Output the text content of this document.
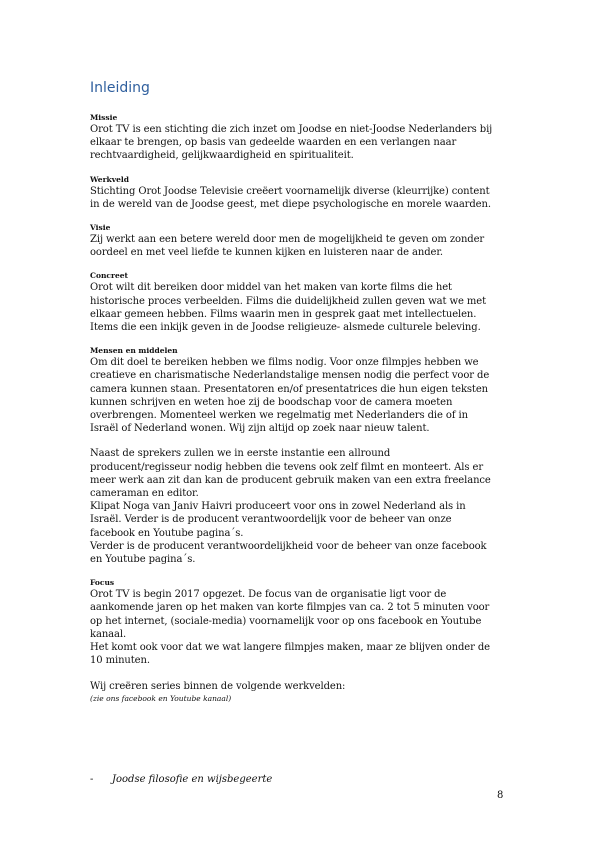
Inleiding

Missie

Orot TV is een stichting die zich inzet om Joodse en niet-Joodse Nederlanders bij

elkaar te brengen, op basis van gedeelde waarden en een verlangen naar

rechtvaardigheid, gelijkwaardigheid en spiritualiteit.

Werkveld

Stichting Orot Joodse Televisie creëert voornamelijk diverse (kleurrijke) content

in de wereld van de Joodse geest, met diepe psychologische en morele waarden.

Visie

Zij werkt aan een betere wereld door men de mogelijkheid te geven om zonder

oordeel en met veel liefde te kunnen kijken en luisteren naar de ander.

Concreet

Orot wilt dit bereiken door middel van het maken van korte films die het

historische proces verbeelden. Films die duidelijkheid zullen geven wat we met

elkaar gemeen hebben. Films waarin men in gesprek gaat met intellectuelen.

Items die een inkijk geven in de Joodse religieuze- alsmede culturele beleving.

Mensen en middelen

Om dit doel te bereiken hebben we films nodig. Voor onze filmpjes hebben we

creatieve en charismatische Nederlandstalige mensen nodig die perfect voor de

camera kunnen staan. Presentatoren en/of presentatrices die hun eigen teksten

kunnen schrijven en weten hoe zij de boodschap voor de camera moeten

overbrengen. Momenteel werken we regelmatig met Nederlanders die of in

Israël of Nederland wonen. Wij zijn altijd op zoek naar nieuw talent.

Naast de sprekers zullen we in eerste instantie een allround

producent/regisseur nodig hebben die tevens ook zelf filmt en monteert. Als er

meer werk aan zit dan kan de producent gebruik maken van een extra freelance

cameraman en editor.

Klipat Noga van Janiv Haivri produceert voor ons in zowel Nederland als in

Israël. Verder is de producent verantwoordelijk voor de beheer van onze

facebook en Youtube pagina´s.

Verder is de producent verantwoordelijkheid voor de beheer van onze facebook

en Youtube pagina´s.

Focus

Orot TV is begin 2017 opgezet. De focus van de organisatie ligt voor de

aankomende jaren op het maken van korte filmpjes van ca. 2 tot 5 minuten voor

op het internet, (sociale-media) voornamelijk voor op ons facebook en Youtube

kanaal.

Het komt ook voor dat we wat langere filmpjes maken, maar ze blijven onder de

10 minuten.

Wij creëren series binnen de volgende werkvelden:

(zie ons facebook en Youtube kanaal)

-	Joodse filosofie en wijsbegeerte
8
